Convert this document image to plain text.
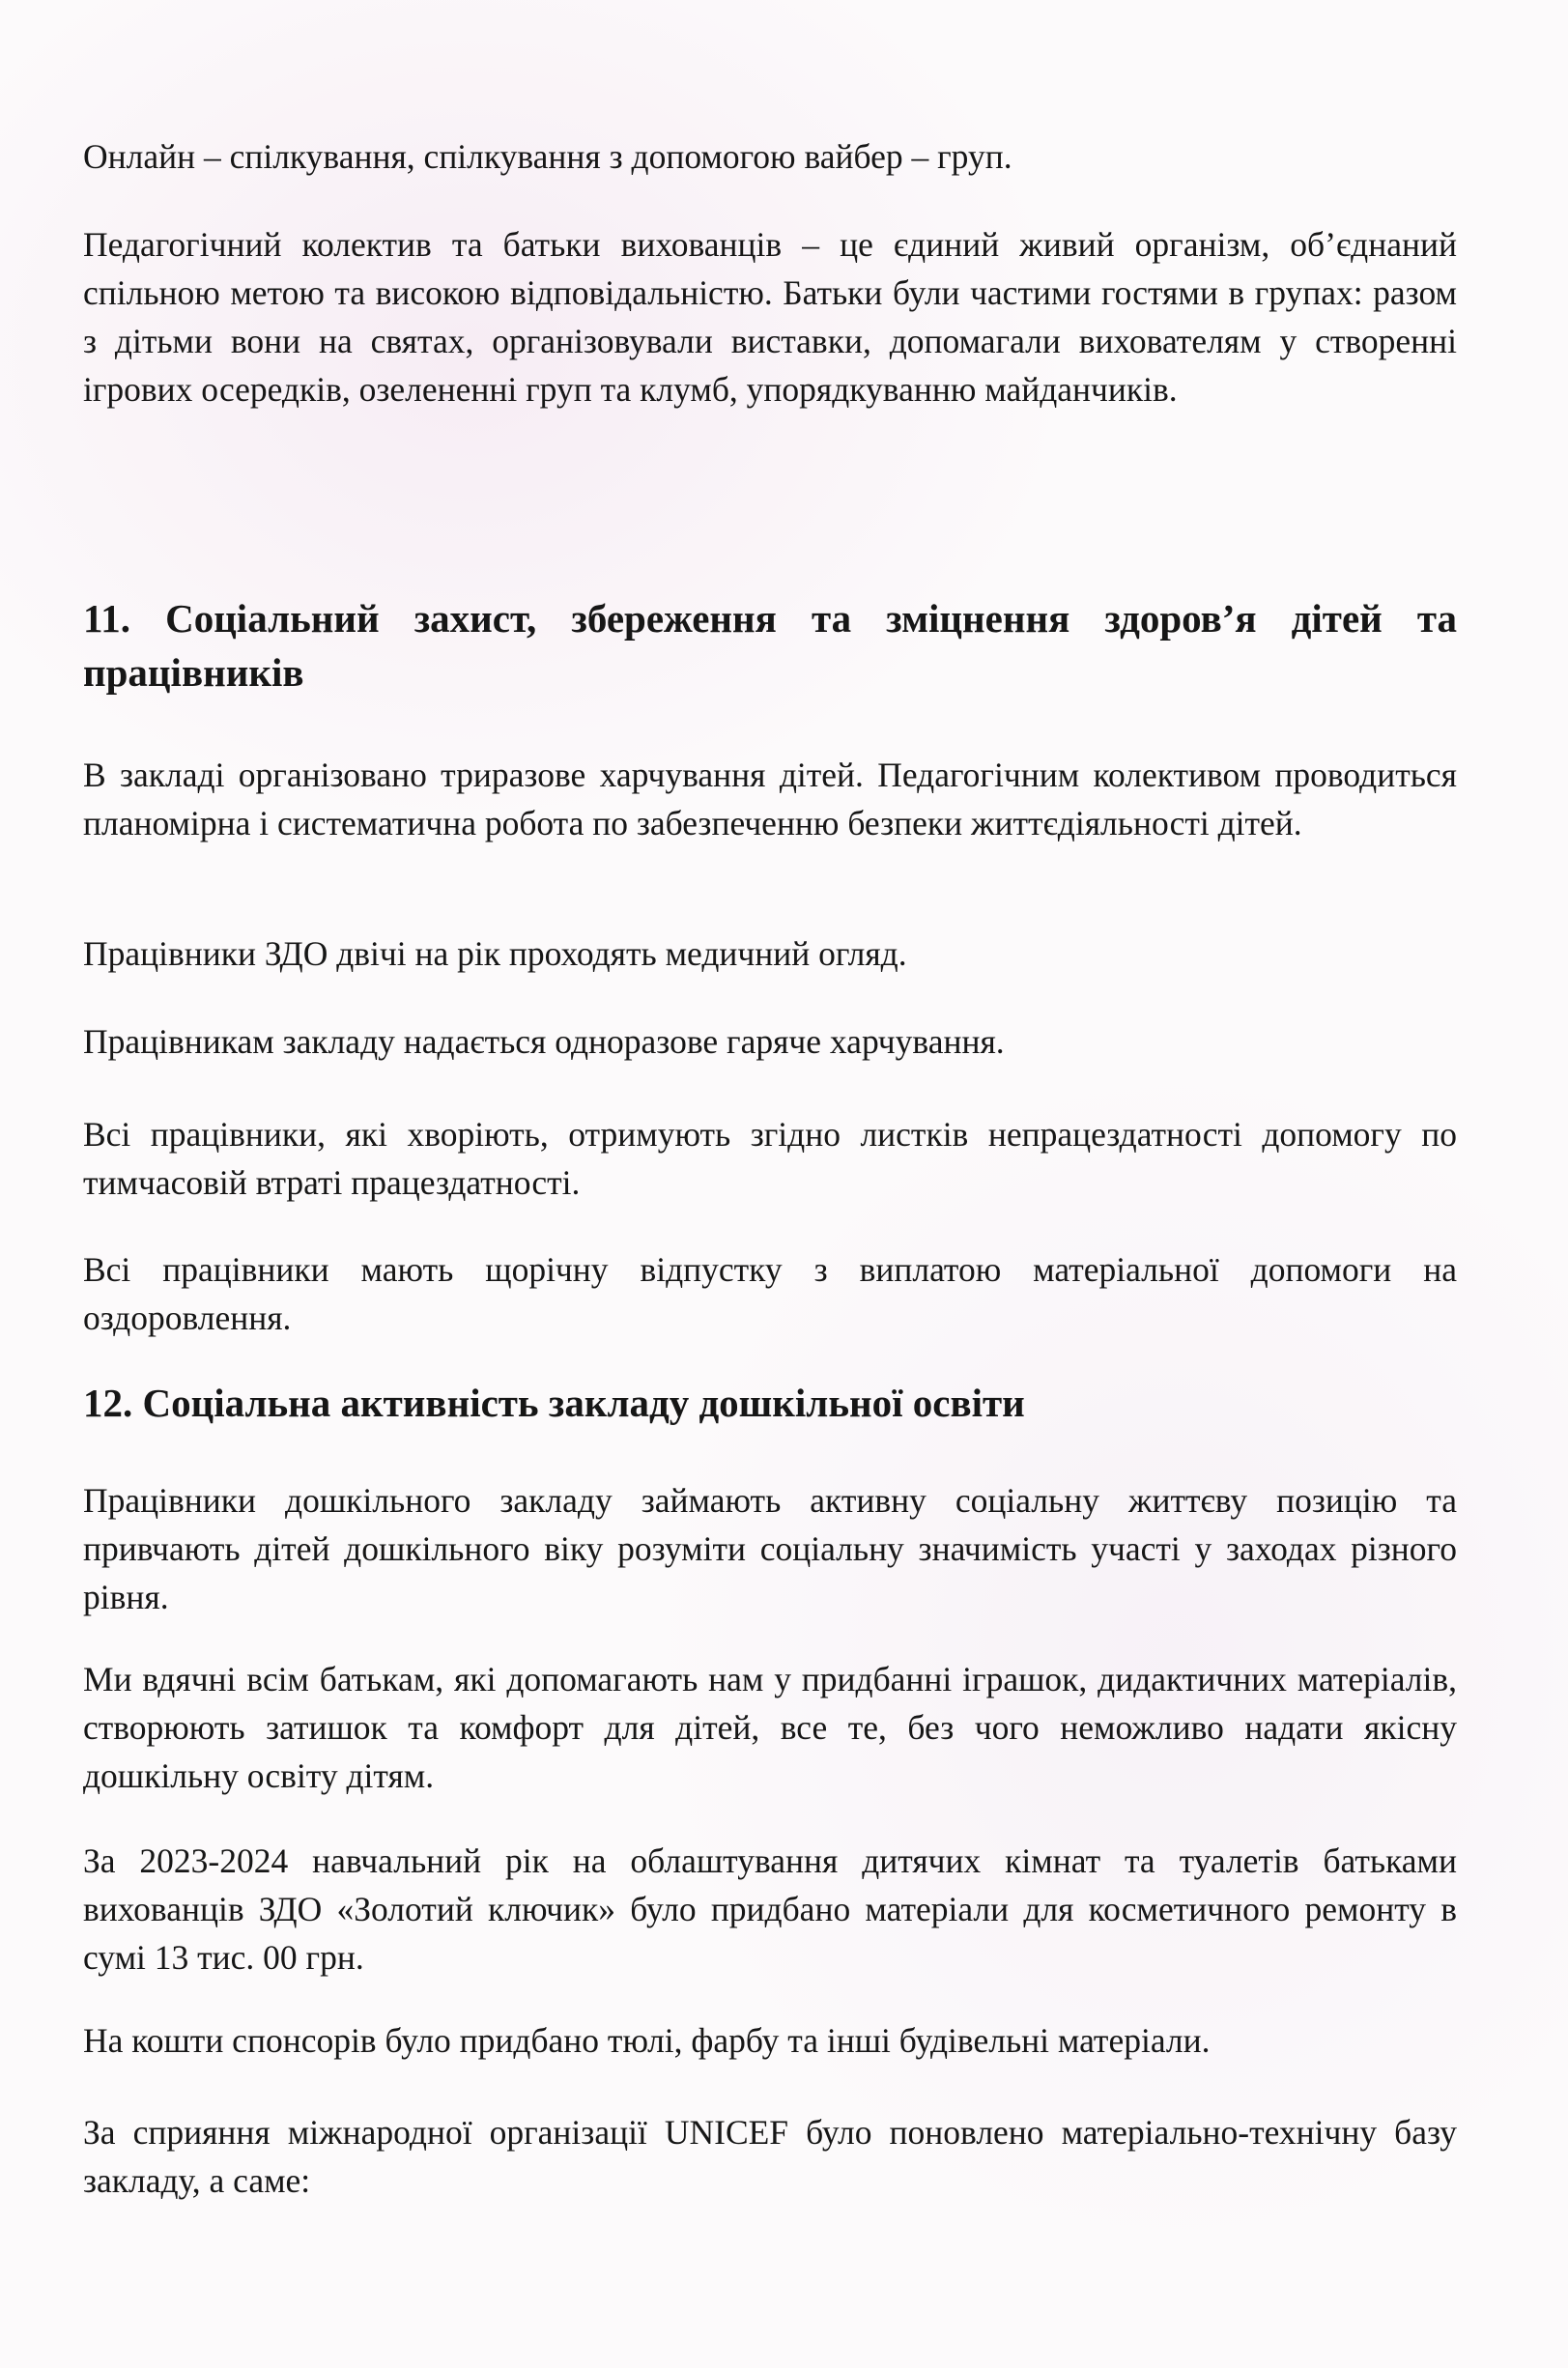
Онлайн – спілкування, спілкування з допомогою вайбер – груп.

Педагогічний колектив та батьки вихованців – це єдиний живий організм, об’єднаний спільною метою та високою відповідальністю. Батьки були частими гостями в групах: разом з дітьми вони на святах, організовували виставки, допомагали вихователям у створенні ігрових осередків, озелененні груп та клумб, упорядкуванню майданчиків.

11. Соціальний захист, збереження та зміцнення здоров’я дітей та працівників

В закладі організовано триразове харчування дітей. Педагогічним колективом проводиться планомірна і систематична робота по забезпеченню безпеки життєдіяльності дітей.

Працівники ЗДО двічі на рік проходять медичний огляд.

Працівникам закладу надається одноразове гаряче харчування.

Всі працівники, які хворіють, отримують згідно листків непрацездатності допомогу по тимчасовій втраті працездатності.

Всі працівники мають щорічну відпустку з виплатою матеріальної допомоги на оздоровлення.

12. Соціальна активність закладу дошкільної освіти

Працівники дошкільного закладу займають активну соціальну життєву позицію та привчають дітей дошкільного віку розуміти соціальну значимість участі у заходах різного рівня.

Ми вдячні всім батькам, які допомагають нам у придбанні іграшок, дидактичних матеріалів, створюють затишок та комфорт для дітей, все те, без чого неможливо надати якісну дошкільну освіту дітям.

За 2023-2024 навчальний рік на облаштування дитячих кімнат та туалетів батьками вихованців ЗДО «Золотий ключик» було придбано матеріали для косметичного ремонту в сумі 13 тис. 00 грн.

На кошти спонсорів було придбано тюлі, фарбу та інші будівельні матеріали.

За сприяння міжнародної організації UNICEF було поновлено матеріально-технічну базу закладу, а саме:
